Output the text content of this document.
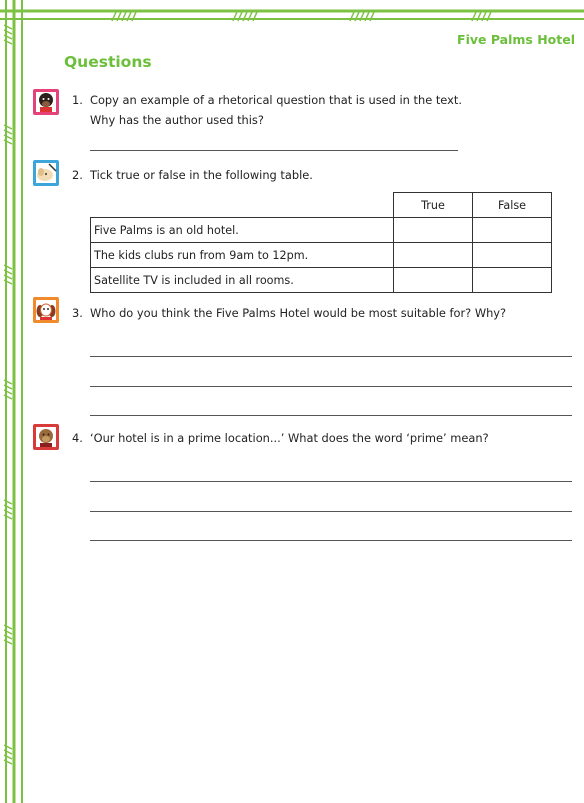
Five Palms Hotel
Questions
1. Copy an example of a rhetorical question that is used in the text.
Why has the author used this?
2. Tick true or false in the following table.
	True	False
Five Palms is an old hotel.		
The kids clubs run from 9am to 12pm.		
Satellite TV is included in all rooms.		
3. Who do you think the Five Palms Hotel would be most suitable for? Why?
4. ‘Our hotel is in a prime location...’ What does the word ‘prime’ mean?
